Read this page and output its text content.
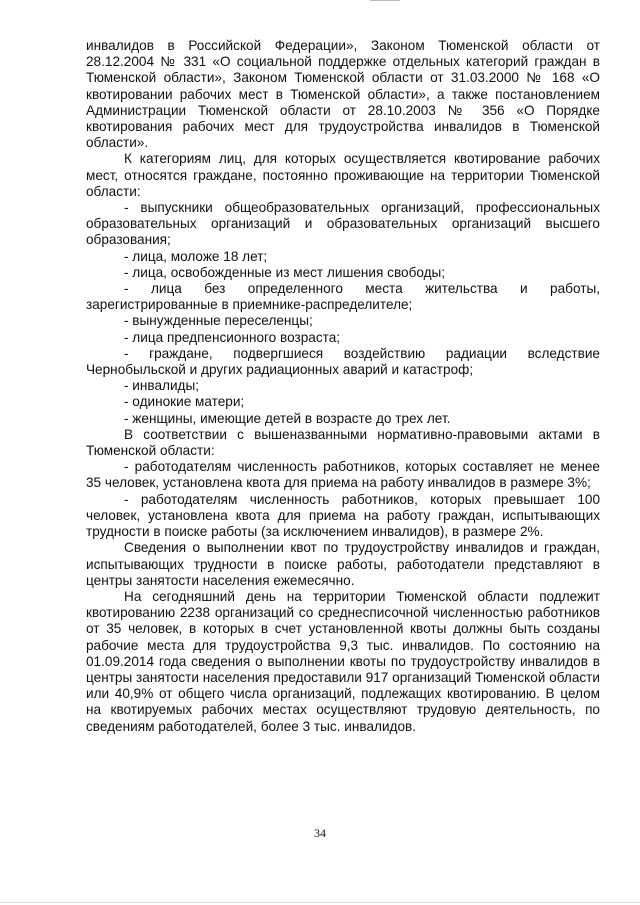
инвалидов в Российской Федерации», Законом Тюменской области от 28.12.2004 № 331 «О социальной поддержке отдельных категорий граждан в Тюменской области», Законом Тюменской области от 31.03.2000 № 168 «О квотировании рабочих мест в Тюменской области», а также постановлением Администрации Тюменской области от 28.10.2003 № 356 «О Порядке квотирования рабочих мест для трудоустройства инвалидов в Тюменской области».

К категориям лиц, для которых осуществляется квотирование рабочих мест, относятся граждане, постоянно проживающие на территории Тюменской области:

- выпускники общеобразовательных организаций, профессиональных образовательных организаций и образовательных организаций высшего образования;

- лица, моложе 18 лет;

- лица, освобожденные из мест лишения свободы;

- лица без определенного места жительства и работы, зарегистрированные в приемнике-распределителе;

- вынужденные переселенцы;

- лица предпенсионного возраста;

- граждане, подвергшиеся воздействию радиации вследствие Чернобыльской и других радиационных аварий и катастроф;

- инвалиды;

- одинокие матери;

- женщины, имеющие детей в возрасте до трех лет.

В соответствии с вышеназванными нормативно-правовыми актами в Тюменской области:

- работодателям численность работников, которых составляет не менее 35 человек, установлена квота для приема на работу инвалидов в размере 3%;

- работодателям численность работников, которых превышает 100 человек, установлена квота для приема на работу граждан, испытывающих трудности в поиске работы (за исключением инвалидов), в размере 2%.

Сведения о выполнении квот по трудоустройству инвалидов и граждан, испытывающих трудности в поиске работы, работодатели представляют в центры занятости населения ежемесячно.

На сегодняшний день на территории Тюменской области подлежит квотированию 2238 организаций со среднесписочной численностью работников от 35 человек, в которых в счет установленной квоты должны быть созданы рабочие места для трудоустройства 9,3 тыс. инвалидов. По состоянию на 01.09.2014 года сведения о выполнении квоты по трудоустройству инвалидов в центры занятости населения предоставили 917 организаций Тюменской области или 40,9% от общего числа организаций, подлежащих квотированию. В целом на квотируемых рабочих местах осуществляют трудовую деятельность, по сведениям работодателей, более 3 тыс. инвалидов.

34
